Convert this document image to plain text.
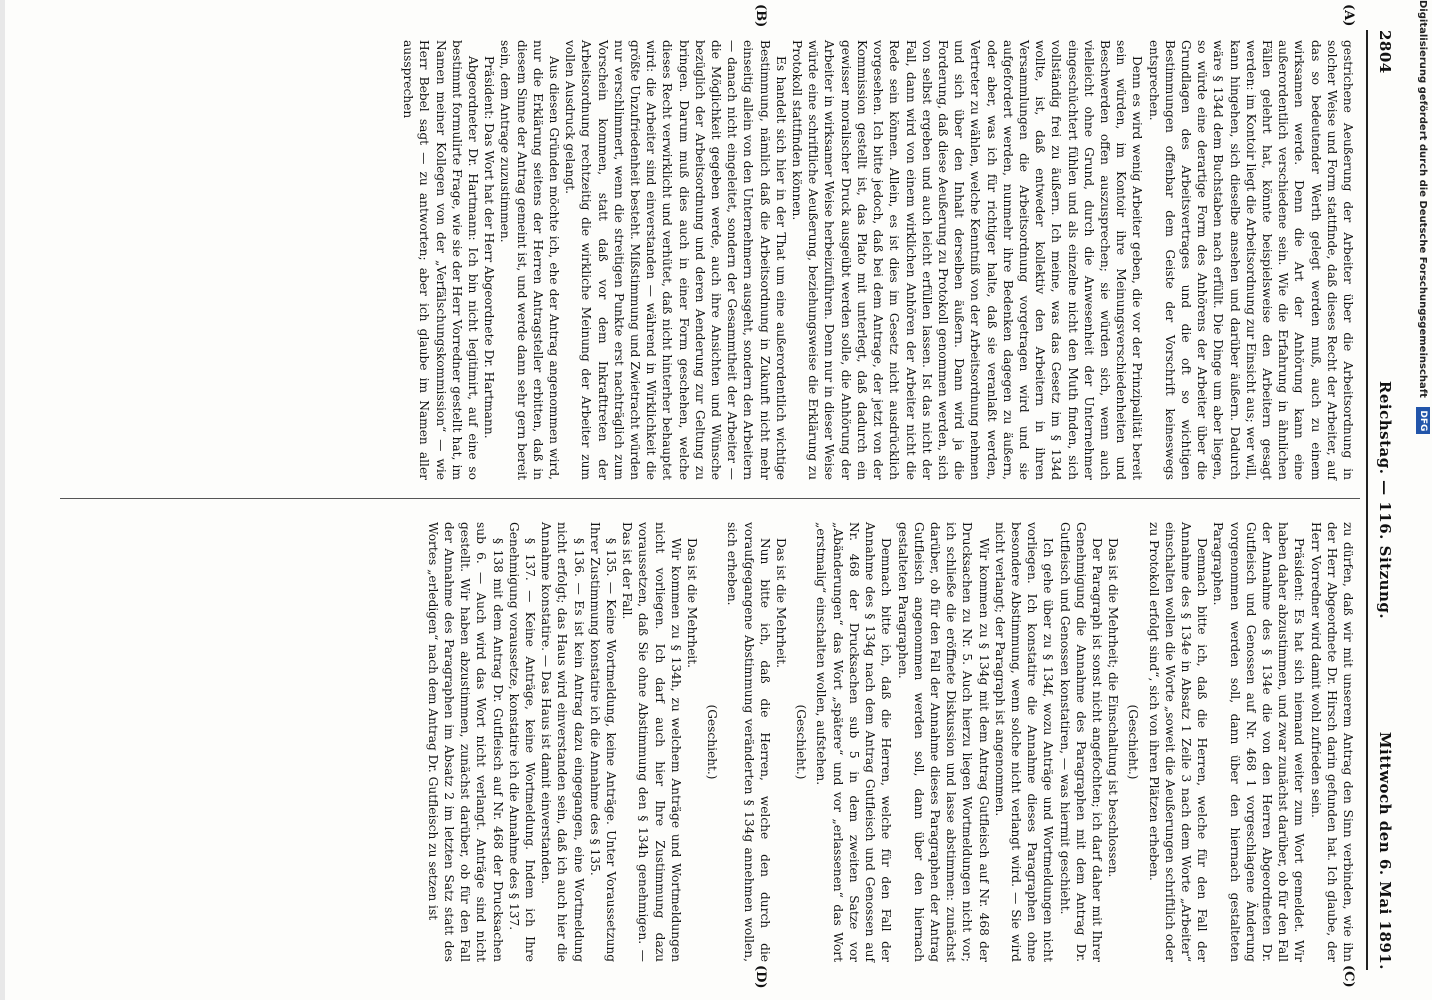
2804
Reichstag. — 116. Sitzung.
Mittwoch den 6. Mai 1891.
(A)
(B)
(C)
(D)

gestrichene Aeußerung der Arbeiter über die Arbeitsordnung in solcher Weise und Form stattfinde, daß dieses Recht der Arbeiter, auf das so bedeutender Werth gelegt werden muß, auch zu einem wirksamen werde. Denn die Art der Anhörung kann eine außerordentlich verschiedene sein. Wie die Erfahrung in ähnlichen Fällen gelehrt hat, könnte beispielsweise den Arbeitern gesagt werden: im Kontoir liegt die Arbeitsordnung zur Einsicht aus; wer will, kann hingehen, sich dieselbe ansehen und darüber äußern. Dadurch wäre § 134d dem Buchstaben nach erfüllt. Die Dinge um aber liegen, so würde eine derartige Form des Anhörens der Arbeiter über die Grundlagen des Arbeitsvertrages und die oft so wichtigen Bestimmungen offenbar dem Geiste der Vorschrift keineswegs entsprechen.

Denn es wird wenig Arbeiter geben, die vor der Prinzipalität bereit sein würden, im Kontoir ihre Meinungsverschiedenheiten und Beschwerden offen auszusprechen; sie würden sich, wenn auch vielleicht ohne Grund, durch die Anwesenheit der Unternehmer eingeschüchtert fühlen und als einzelne nicht den Muth finden, sich vollständig frei zu äußern. Ich meine, was das Gesetz im § 134d wollte, ist, daß entweder kollektiv den Arbeitern in ihren Versammlungen die Arbeitsordnung vorgetragen wird und sie aufgefordert werden, nunmehr ihre Bedenken dagegen zu äußern, oder aber, was ich für richtiger halte, daß sie veranlaßt werden, Vertreter zu wählen, welche Kenntniß von der Arbeitsordnung nehmen und sich über den Inhalt derselben äußern. Dann wird ja die Forderung, daß diese Aeußerung zu Protokoll genommen werden, sich von selbst ergeben und auch leicht erfüllen lassen. Ist das nicht der Fall, dann wird von einem wirklichen Anhören der Arbeiter nicht die Rede sein können. Allein, es ist dies im Gesetz nicht ausdrücklich vorgesehen. Ich bitte jedoch, daß bei dem Antrage, der jetzt von der Kommission gestellt ist, das Plato mit unterlegt, daß dadurch ein gewisser moralischer Druck ausgeübt werden solle, die Anhörung der Arbeiter in wirksamer Weise herbeizuführen. Denn nur in dieser Weise würde eine schriftliche Aeußerung, beziehungsweise die Erklärung zu Protokoll stattfinden können.

Es handelt sich hier in der That um eine außerordentlich wichtige Bestimmung, nämlich daß die Arbeitsordnung in Zukunft nicht mehr einseitig allein von den Unternehmern ausgeht, sondern den Arbeitern — danach nicht eingeleitet, sondern der Gesammtheit der Arbeiter — die Möglichkeit gegeben werde, auch ihre Ansichten und Wünsche bezüglich der Arbeitsordnung und deren Aenderung zur Geltung zu bringen. Darum muß dies auch in einer Form geschehen, welche dieses Recht verwirklicht und verhütet, daß nicht hinterher behauptet wird: die Arbeiter sind einverstanden — während in Wirklichkeit die größte Unzufriedenheit besteht. Mißstimmung und Zwietracht würden nur verschlimmert, wenn die streitigen Punkte erst nachträglich zum Vorschein kommen, statt daß vor dem Inkrafttreten der Arbeitsordnung rechtzeitig die wirkliche Meinung der Arbeiter zum vollen Ausdruck gelangt.

Aus diesen Gründen möchte ich, ehe der Antrag angenommen wird, nur die Erklärung seitens der Herren Antragsteller erbitten, daß in diesem Sinne der Antrag gemeint ist, und werde dann sehr gern bereit sein, dem Antrage zuzustimmen.

Präsident: Das Wort hat der Herr Abgeordnete Dr. Hartmann.

Abgeordneter Dr. Hartmann: Ich bin nicht legitimirt, auf eine so bestimmt formulirte Frage, wie sie der Herr Vorredner gestellt hat, im Namen meiner Kollegen von der „Verfälschungskommission“ — wie Herr Bebel sagt — zu antworten; aber ich glaube im Namen aller aussprechen

zu dürfen, daß wir mit unserem Antrag den Sinn verbinden, wie ihn der Herr Abgeordnete Dr. Hirsch darin gefunden hat. Ich glaube, der Herr Vorredner wird damit wohl zufrieden sein.

Präsident: Es hat sich niemand weiter zum Wort gemeldet. Wir haben daher abzustimmen, und zwar zunächst darüber, ob für den Fall der Annahme des § 134e die von den Herren Abgeordneten Dr. Gutfleisch und Genossen auf Nr. 468 1 vorgeschlagene Änderung vorgenommen werden soll, dann über den hiernach gestalteten Paragraphen.

Demnach bitte ich, daß die Herren, welche für den Fall der Annahme des § 134e in Absatz 1 Zeile 3 nach dem Worte „Arbeiter“ einschalten wollen die Worte „soweit die Aeußerungen schriftlich oder zu Protokoll erfolgt sind“, sich von ihren Plätzen erheben.

(Geschieht.)

Das ist die Mehrheit; die Einschaltung ist beschlossen.

Der Paragraph ist sonst nicht angefochten; ich darf daher mit Ihrer Genehmigung die Annahme des Paragraphen mit dem Antrag Dr. Gutfleisch und Genossen konstatiren, — was hiermit geschieht.

Ich gehe über zu § 134f, wozu Anträge und Wortmeldungen nicht vorliegen. Ich konstatire die Annahme dieses Paragraphen ohne besondere Abstimmung, wenn solche nicht verlangt wird. — Sie wird nicht verlangt; der Paragraph ist angenommen.

Wir kommen zu § 134g mit dem Antrag Gutfleisch auf Nr. 468 der Drucksachen zu Nr. 5. Auch hierzu liegen Wortmeldungen nicht vor; ich schließe die eröffnete Diskussion und lasse abstimmen: zunächst darüber, ob für den Fall der Annahme dieses Paragraphen der Antrag Gutfleisch angenommen werden soll, dann über den hiernach gestalteten Paragraphen.

Demnach bitte ich, daß die Herren, welche für den Fall der Annahme des § 134g nach dem Antrag Gutfleisch und Genossen auf Nr. 468 der Drucksachen sub 5 in dem zweiten Satze vor „Abänderungen“ das Wort „spätere“ und vor „erlassenen“ das Wort „erstmalig“ einschalten wollen, aufstehen.

(Geschieht.)

Das ist die Mehrheit.

Nun bitte ich, daß die Herren, welche den durch die voraufgegangene Abstimmung veränderten § 134g annehmen wollen, sich erheben.

(Geschieht.)

Das ist die Mehrheit.

Wir kommen zu § 134h, zu welchem Anträge und Wortmeldungen nicht vorliegen. Ich darf auch hier Ihre Zustimmung dazu voraussetzen, daß Sie ohne Abstimmung den § 134h genehmigen. — Das ist der Fall.

§ 135. — Keine Wortmeldung, keine Anträge. Unter Voraussetzung Ihrer Zustimmung konstatire ich die Annahme des § 135.

§ 136. — Es ist kein Antrag dazu eingegangen, eine Wortmeldung nicht erfolgt; das Haus wird einverstanden sein, daß ich auch hier die Annahme konstatire. — Das Haus ist damit einverstanden.

§ 137. — Keine Anträge, keine Wortmeldung. Indem ich Ihre Genehmigung voraussetze, konstatire ich die Annahme des § 137.

§ 138 mit dem Antrag Dr. Gutfleisch auf Nr. 468 der Drucksachen sub 6. — Auch wird das Wort nicht verlangt. Anträge sind nicht gestellt. Wir haben abzustimmen, zunächst darüber, ob für den Fall der Annahme des Paragraphen im Absatz 2 im letzten Satz statt des Wortes „erledigen“ nach dem Antrag Dr. Gutfleisch zu setzen ist

Digitalisierung gefördert durch die Deutsche Forschungsgemeinschaft DFG
